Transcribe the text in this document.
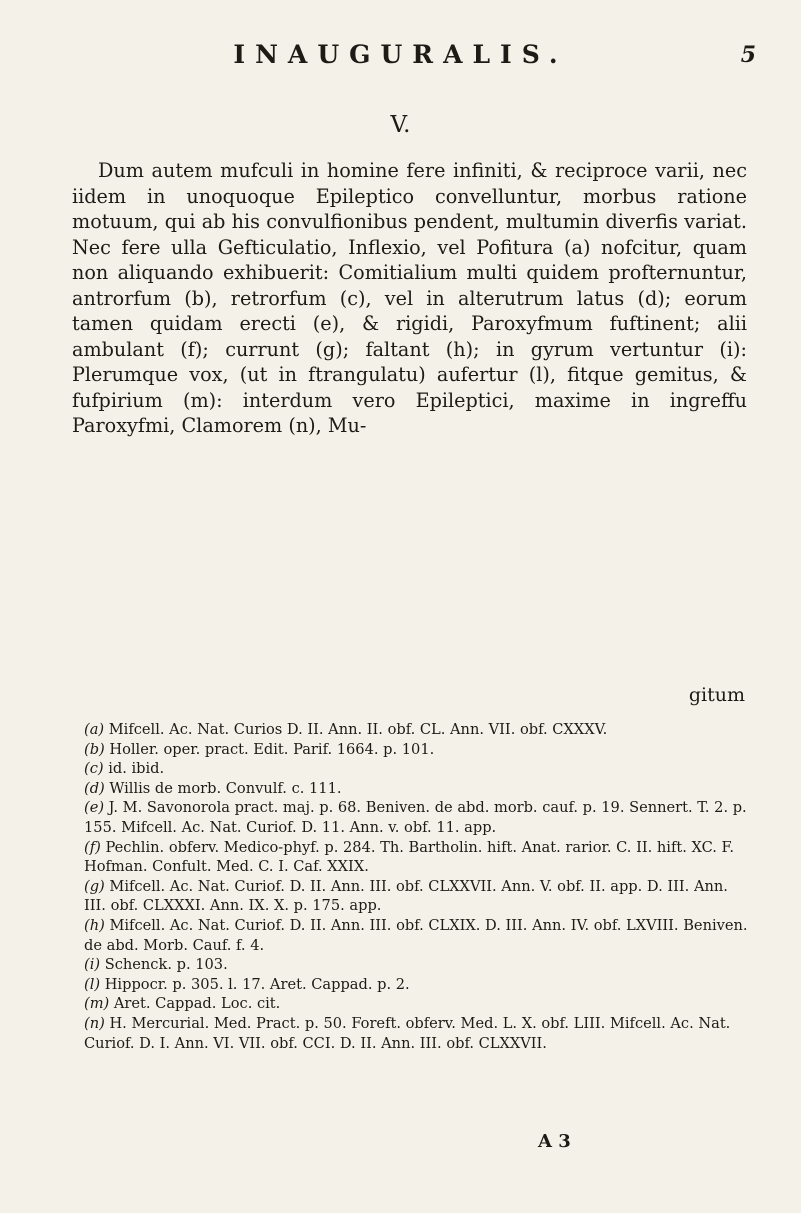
INAUGURALIS.	5
V.

Dum autem mufculi in homine fere infiniti, & reciproce varii, nec iidem in unoquoque Epileptico convelluntur, morbus ratione motuum, qui ab his convulfionibus pendent, multumin diverfis variat. Nec fere ulla Gefticulatio, Inflexio, vel Pofitura (a) nofcitur, quam non aliquando exhibuerit: Comitialium multi quidem profternuntur, antrorfum (b), retrorfum (c), vel in alterutrum latus (d); eorum tamen quidam erecti (e), & rigidi, Paroxyfmum fuftinent; alii ambulant (f); currunt (g); faltant (h); in gyrum vertuntur (i): Plerumque vox, (ut in ftrangulatu) aufertur (l), fitque gemitus, & fufpirium (m): interdum vero Epileptici, maxime in ingreffu Paroxyfmi, Clamorem (n), Mu-

gitum

(a) Mifcell. Ac. Nat. Curios D. II. Ann. II. obf. CL. Ann. VII. obf. CXXXV.

(b) Holler. oper. pract. Edit. Parif. 1664. p. 101.

(c) id. ibid.

(d) Willis de morb. Convulf. c. 111.

(e) J. M. Savonorola pract. maj. p. 68. Beniven. de abd. morb. cauf. p. 19. Sennert. T. 2. p. 155. Mifcell. Ac. Nat. Curiof. D. 11. Ann. v. obf. 11. app.

(f) Pechlin. obferv. Medico-phyf. p. 284. Th. Bartholin. hift. Anat. rarior. C. II. hift. XC. F. Hofman. Confult. Med. C. I. Caf. XXIX.

(g) Mifcell. Ac. Nat. Curiof. D. II. Ann. III. obf. CLXXVII. Ann. V. obf. II. app. D. III. Ann. III. obf. CLXXXI. Ann. IX. X. p. 175. app.

(h) Mifcell. Ac. Nat. Curiof. D. II. Ann. III. obf. CLXIX. D. III. Ann. IV. obf. LXVIII. Beniven. de abd. Morb. Cauf. f. 4.

(i) Schenck. p. 103.

(l) Hippocr. p. 305. l. 17. Aret. Cappad. p. 2.

(m) Aret. Cappad. Loc. cit.

(n) H. Mercurial. Med. Pract. p. 50. Foreft. obferv. Med. L. X. obf. LIII. Mifcell. Ac. Nat. Curiof. D. I. Ann. VI. VII. obf. CCI. D. II. Ann. III. obf. CLXXVII.

A 3
